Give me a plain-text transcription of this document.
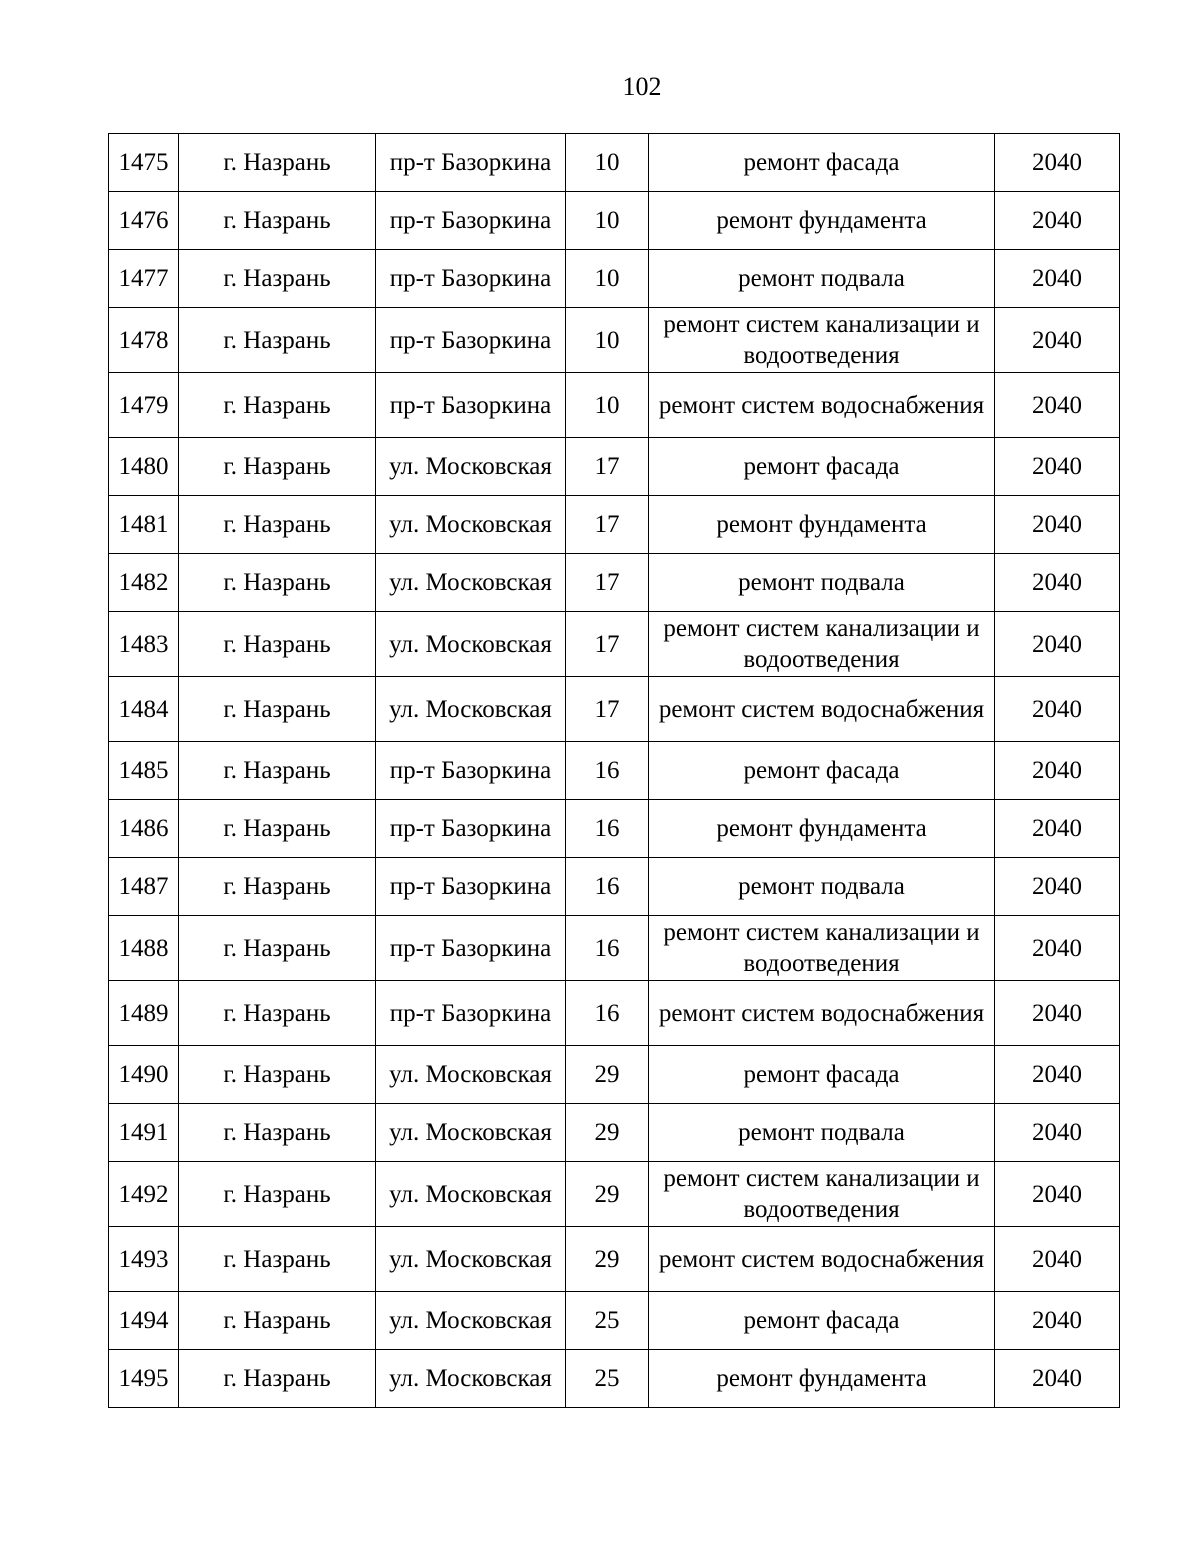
102
1475	г. Назрань	пр-т Базоркина	10	ремонт фасада	2040
1476	г. Назрань	пр-т Базоркина	10	ремонт фундамента	2040
1477	г. Назрань	пр-т Базоркина	10	ремонт подвала	2040
1478	г. Назрань	пр-т Базоркина	10	ремонт систем канализации и водоотведения	2040
1479	г. Назрань	пр-т Базоркина	10	ремонт систем водоснабжения	2040
1480	г. Назрань	ул. Московская	17	ремонт фасада	2040
1481	г. Назрань	ул. Московская	17	ремонт фундамента	2040
1482	г. Назрань	ул. Московская	17	ремонт подвала	2040
1483	г. Назрань	ул. Московская	17	ремонт систем канализации и водоотведения	2040
1484	г. Назрань	ул. Московская	17	ремонт систем водоснабжения	2040
1485	г. Назрань	пр-т Базоркина	16	ремонт фасада	2040
1486	г. Назрань	пр-т Базоркина	16	ремонт фундамента	2040
1487	г. Назрань	пр-т Базоркина	16	ремонт подвала	2040
1488	г. Назрань	пр-т Базоркина	16	ремонт систем канализации и водоотведения	2040
1489	г. Назрань	пр-т Базоркина	16	ремонт систем водоснабжения	2040
1490	г. Назрань	ул. Московская	29	ремонт фасада	2040
1491	г. Назрань	ул. Московская	29	ремонт подвала	2040
1492	г. Назрань	ул. Московская	29	ремонт систем канализации и водоотведения	2040
1493	г. Назрань	ул. Московская	29	ремонт систем водоснабжения	2040
1494	г. Назрань	ул. Московская	25	ремонт фасада	2040
1495	г. Назрань	ул. Московская	25	ремонт фундамента	2040
